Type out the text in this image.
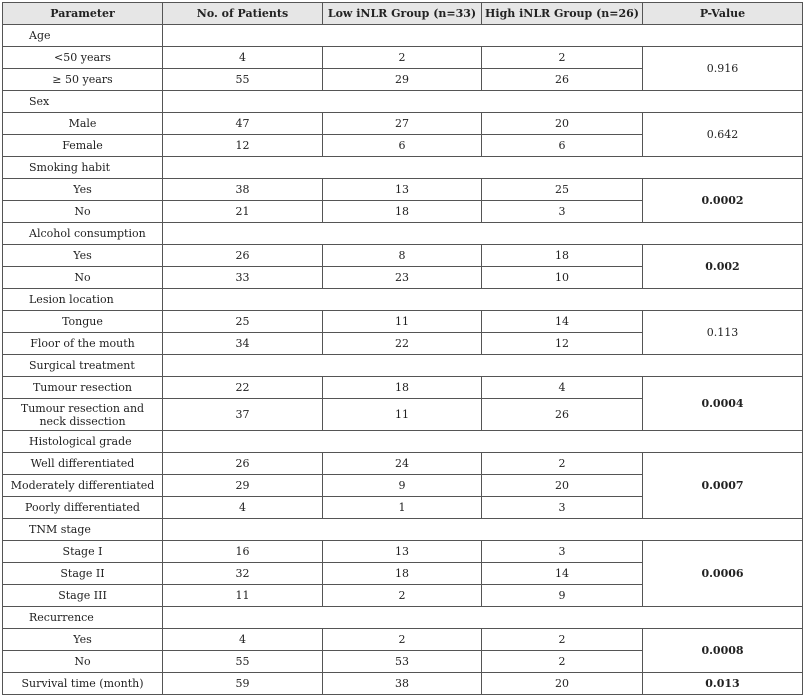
Parameter	No. of Patients	Low iNLR Group (n=33)	High iNLR Group (n=26)	P-Value
Age				
<50 years	4	2	2	0.916
≥ 50 years	55	29	26	
Sex				
Male	47	27	20	0.642
Female	12	6	6	
Smoking habit				
Yes	38	13	25	0.0002
No	21	18	3	
Alcohol consumption				
Yes	26	8	18	0.002
No	33	23	10	
Lesion location				
Tongue	25	11	14	0.113
Floor of the mouth	34	22	12	
Surgical treatment				
Tumour resection	22	18	4	0.0004
Tumour resection and neck dissection	37	11	26	
Histological grade				
Well differentiated	26	24	2	0.0007
Moderately differentiated	29	9	20	
Poorly differentiated	4	1	3	
TNM stage				
Stage I	16	13	3	0.0006
Stage II	32	18	14	
Stage III	11	2	9	
Recurrence				
Yes	4	2	2	0.0008
No	55	53	2	
Survival time (month)	59	38	20	0.013
